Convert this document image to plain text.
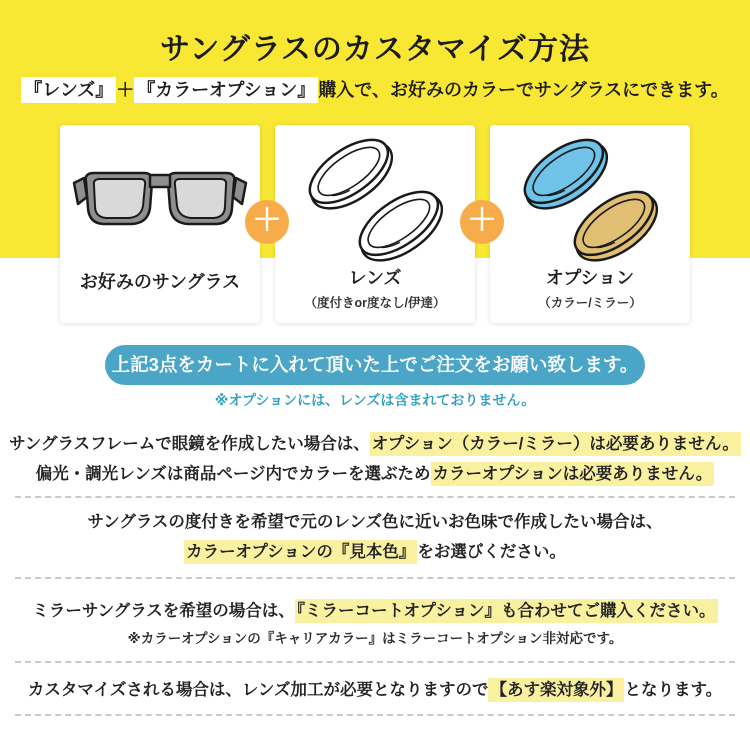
サングラスのカスタマイズ方法
『レンズ』 ＋ 『カラーオプション』 購入で、お好みのカラーでサングラスにできます。
お好みのサングラス
＋
レンズ
（度付きor度なし/伊達）
＋
オプション
（カラー/ミラー）
上記3点をカートに入れて頂いた上でご注文をお願い致します。
※オプションには、レンズは含まれておりません。
サングラスフレームで眼鏡を作成したい場合は、 オプション（カラー/ミラー）は必要ありません。
偏光・調光レンズは商品ページ内でカラーを選ぶため カラーオプションは必要ありません。
サングラスの度付きを希望で元のレンズ色に近いお色味で作成したい場合は、
カラーオプションの『見本色』 をお選びください。
ミラーサングラスを希望の場合は、 『ミラーコートオプション』も合わせてご購入ください。
※カラーオプションの『キャリアカラー』はミラーコートオプション非対応です。
カスタマイズされる場合は、レンズ加工が必要となりますので 【あす楽対象外】 となります。
